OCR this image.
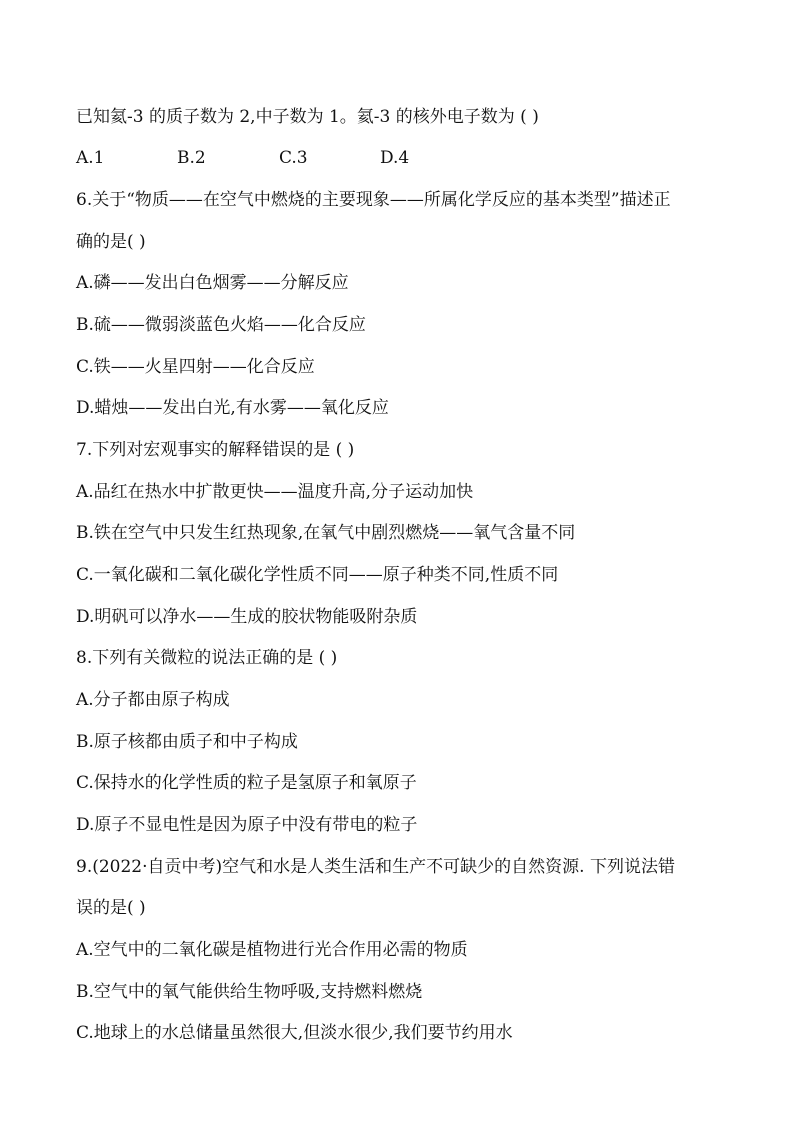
已知氦-3 的质子数为 2,中子数为 1。氦-3 的核外电子数为 ( )
A.1	B.2	C.3	D.4
6.关于“物质——在空气中燃烧的主要现象——所属化学反应的基本类型”描述正
确的是( )
A.磷——发出白色烟雾——分解反应
B.硫——微弱淡蓝色火焰——化合反应
C.铁——火星四射——化合反应
D.蜡烛——发出白光,有水雾——氧化反应
7.下列对宏观事实的解释错误的是 ( )
A.品红在热水中扩散更快——温度升高,分子运动加快
B.铁在空气中只发生红热现象,在氧气中剧烈燃烧——氧气含量不同
C.一氧化碳和二氧化碳化学性质不同——原子种类不同,性质不同
D.明矾可以净水——生成的胶状物能吸附杂质
8.下列有关微粒的说法正确的是 ( )
A.分子都由原子构成
B.原子核都由质子和中子构成
C.保持水的化学性质的粒子是氢原子和氧原子
D.原子不显电性是因为原子中没有带电的粒子
9.(2022·自贡中考)空气和水是人类生活和生产不可缺少的自然资源. 下列说法错
误的是( )
A.空气中的二氧化碳是植物进行光合作用必需的物质
B.空气中的氧气能供给生物呼吸,支持燃料燃烧
C.地球上的水总储量虽然很大,但淡水很少,我们要节约用水
